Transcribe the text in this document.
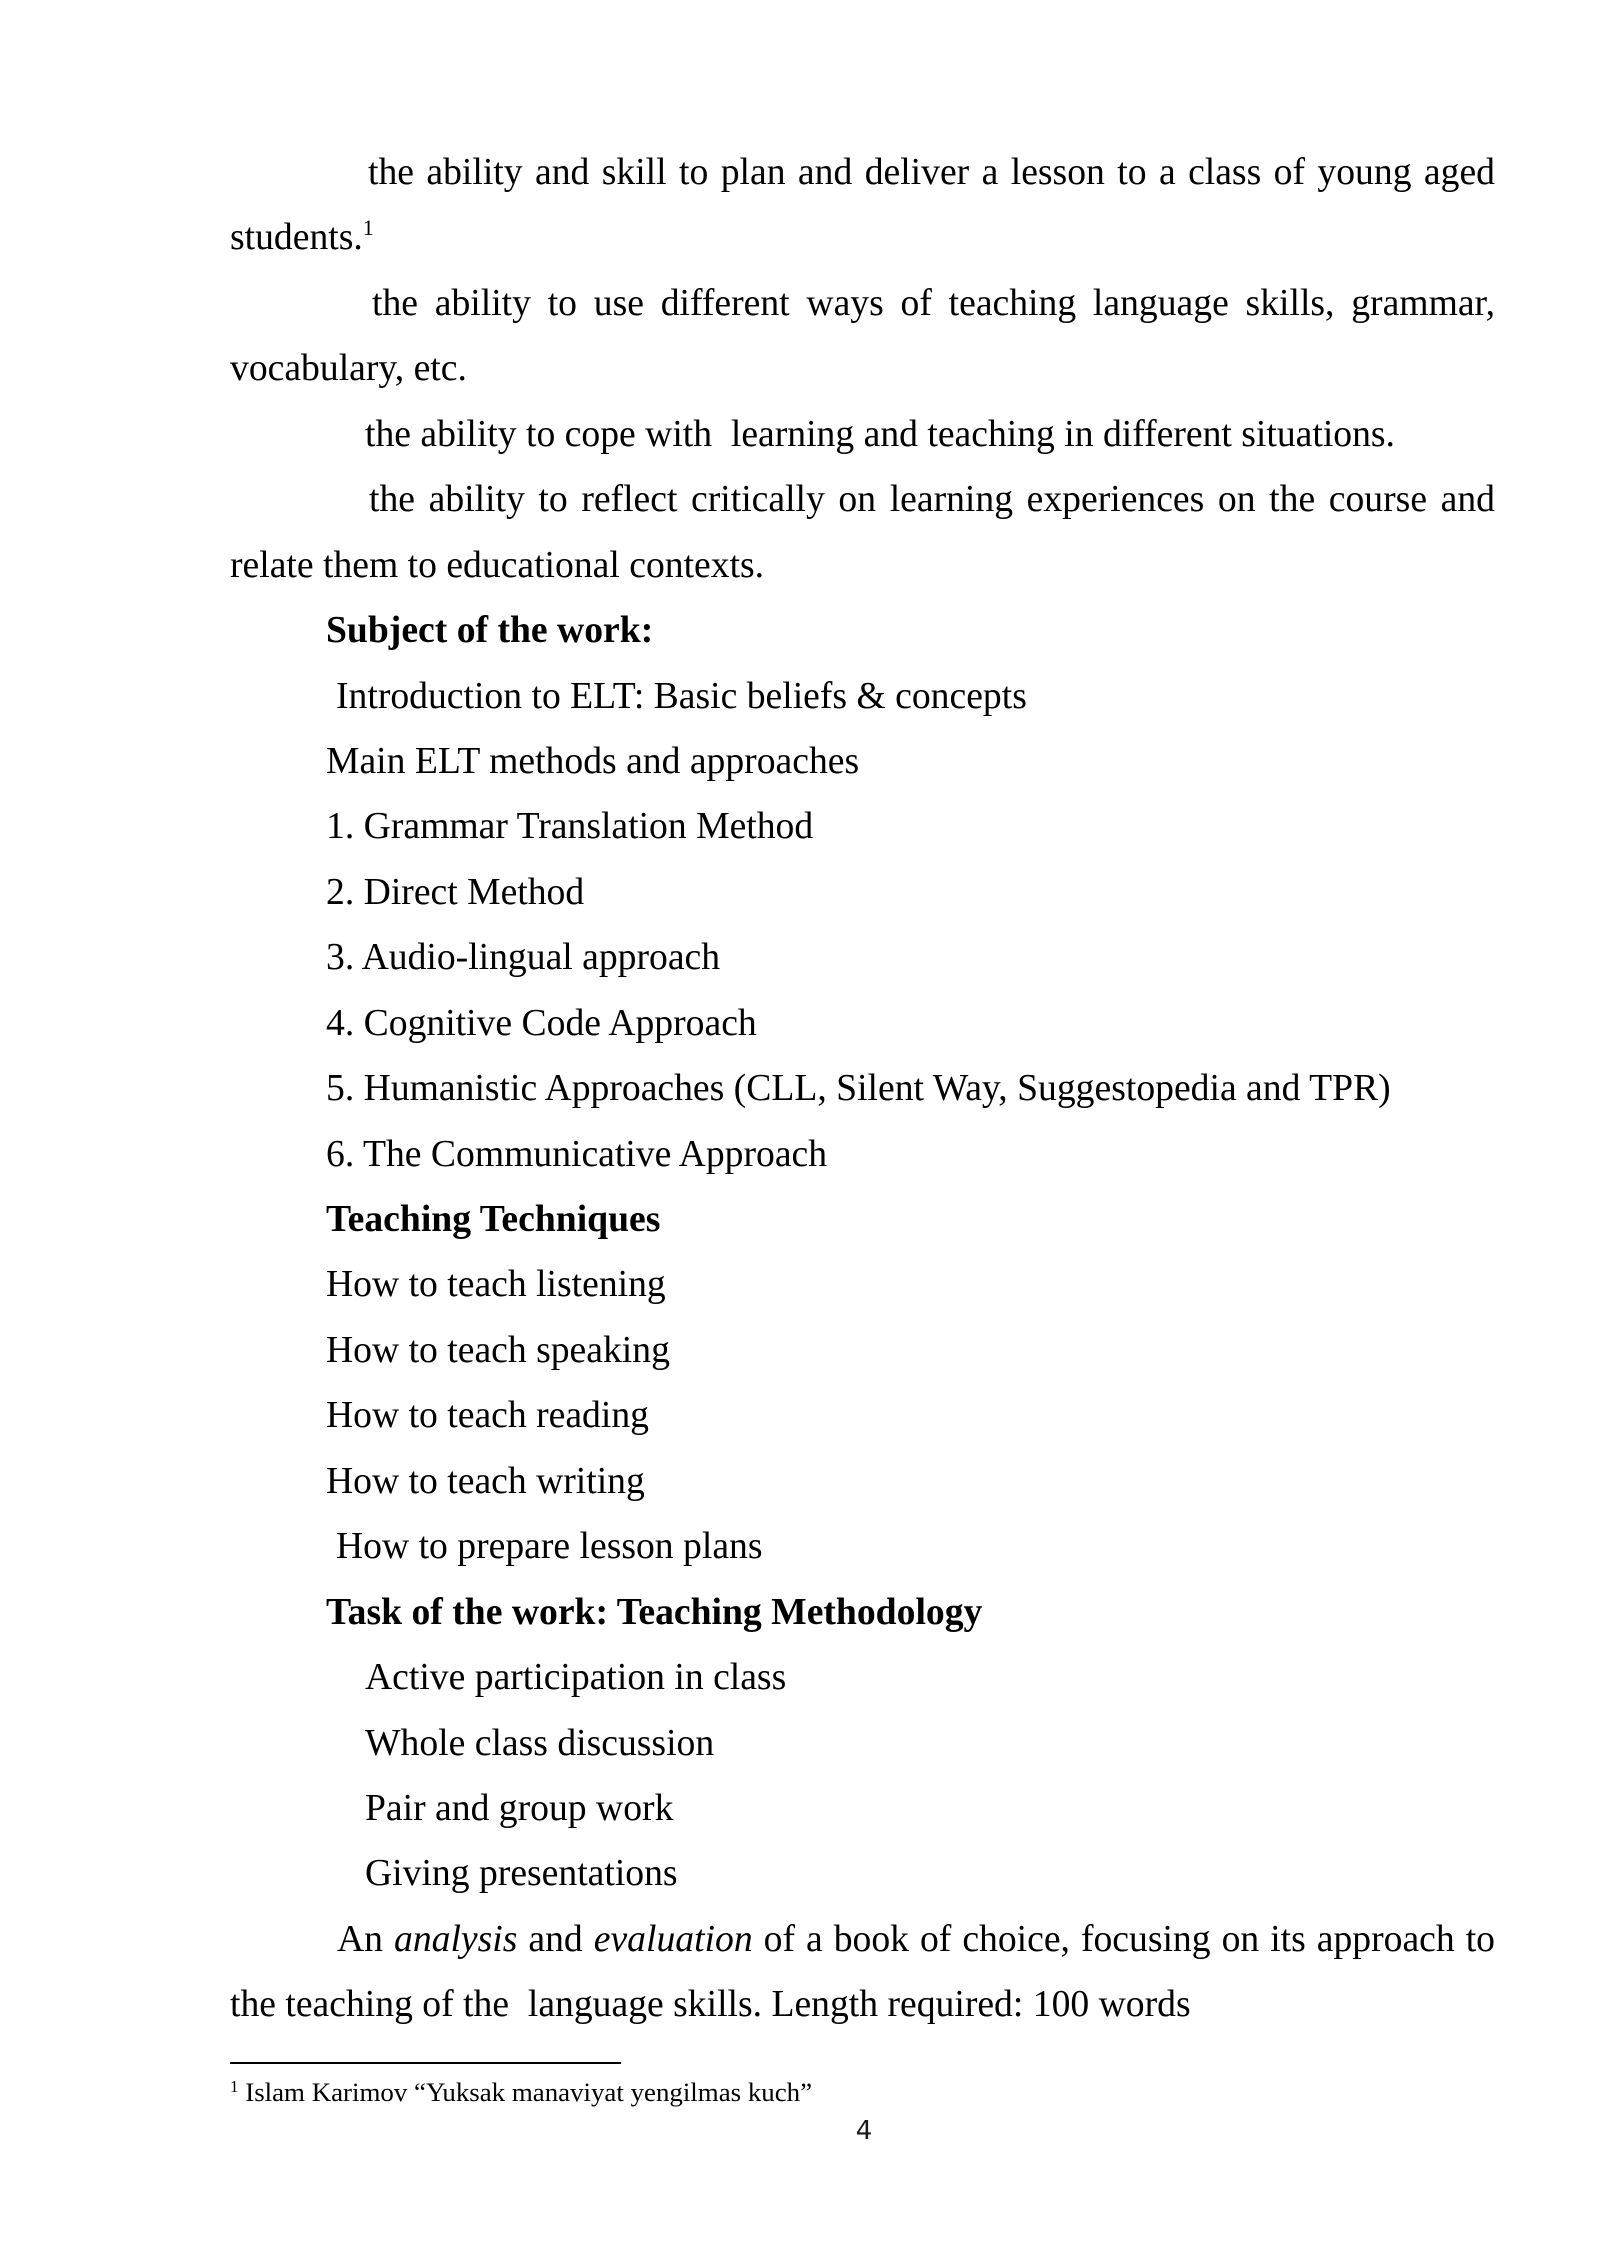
the ability and skill to plan and deliver a lesson to a class of young aged
students.$^1$
the ability to use different ways of teaching language skills, grammar,
vocabulary, etc.
the ability to cope with  learning and teaching in different situations.
the ability to reflect critically on learning experiences on the course and
relate them to educational contexts.
Subject of the work:
Introduction to ELT: Basic beliefs & concepts
Main ELT methods and approaches
1. Grammar Translation Method
2. Direct Method
3. Audio-lingual approach
4. Cognitive Code Approach
5. Humanistic Approaches (CLL, Silent Way, Suggestopedia and TPR)
6. The Communicative Approach
Teaching Techniques
How to teach listening
How to teach speaking
How to teach reading
How to teach writing
How to prepare lesson plans
Task of the work: Teaching Methodology
Active participation in class
Whole class discussion
Pair and group work
Giving presentations
An analysis and evaluation of a book of choice, focusing on its approach to
the teaching of the  language skills. Length required: 100 words
$^1$ Islam Karimov “Yuksak manaviyat yengilmas kuch”
4
